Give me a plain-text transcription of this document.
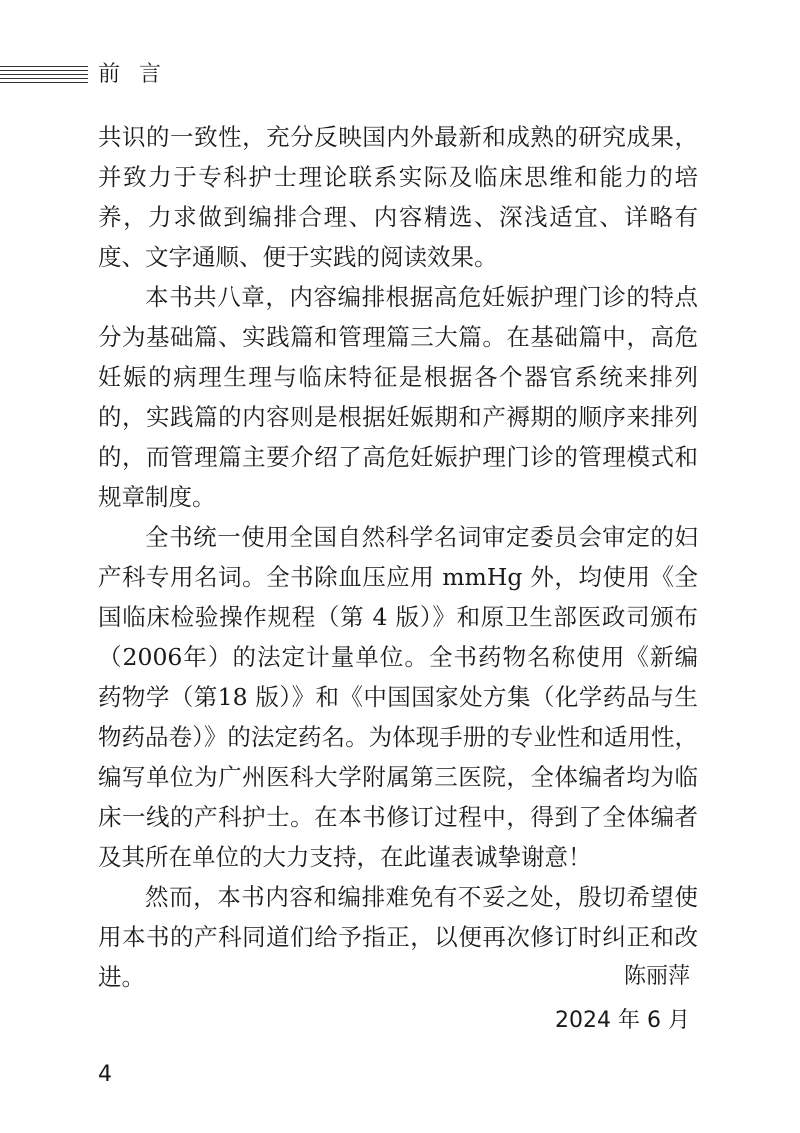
前 言

共识的一致性，充分反映国内外最新和成熟的研究成果，并致力于专科护士理论联系实际及临床思维和能力的培养，力求做到编排合理、内容精选、深浅适宜、详略有度、文字通顺、便于实践的阅读效果。

本书共八章，内容编排根据高危妊娠护理门诊的特点分为基础篇、实践篇和管理篇三大篇。在基础篇中，高危妊娠的病理生理与临床特征是根据各个器官系统来排列的，实践篇的内容则是根据妊娠期和产褥期的顺序来排列的，而管理篇主要介绍了高危妊娠护理门诊的管理模式和规章制度。

全书统一使用全国自然科学名词审定委员会审定的妇产科专用名词。全书除血压应用 mmHg 外，均使用《全国临床检验操作规程（第 4 版）》和原卫生部医政司颁布（2006年）的法定计量单位。全书药物名称使用《新编药物学（第18 版）》和《中国国家处方集（化学药品与生物药品卷）》的法定药名。为体现手册的专业性和适用性，编写单位为广州医科大学附属第三医院，全体编者均为临床一线的产科护士。在本书修订过程中，得到了全体编者及其所在单位的大力支持，在此谨表诚挚谢意！

然而，本书内容和编排难免有不妥之处，殷切希望使用本书的产科同道们给予指正，以便再次修订时纠正和改进。	陈丽萍
2024 年 6 月
4
